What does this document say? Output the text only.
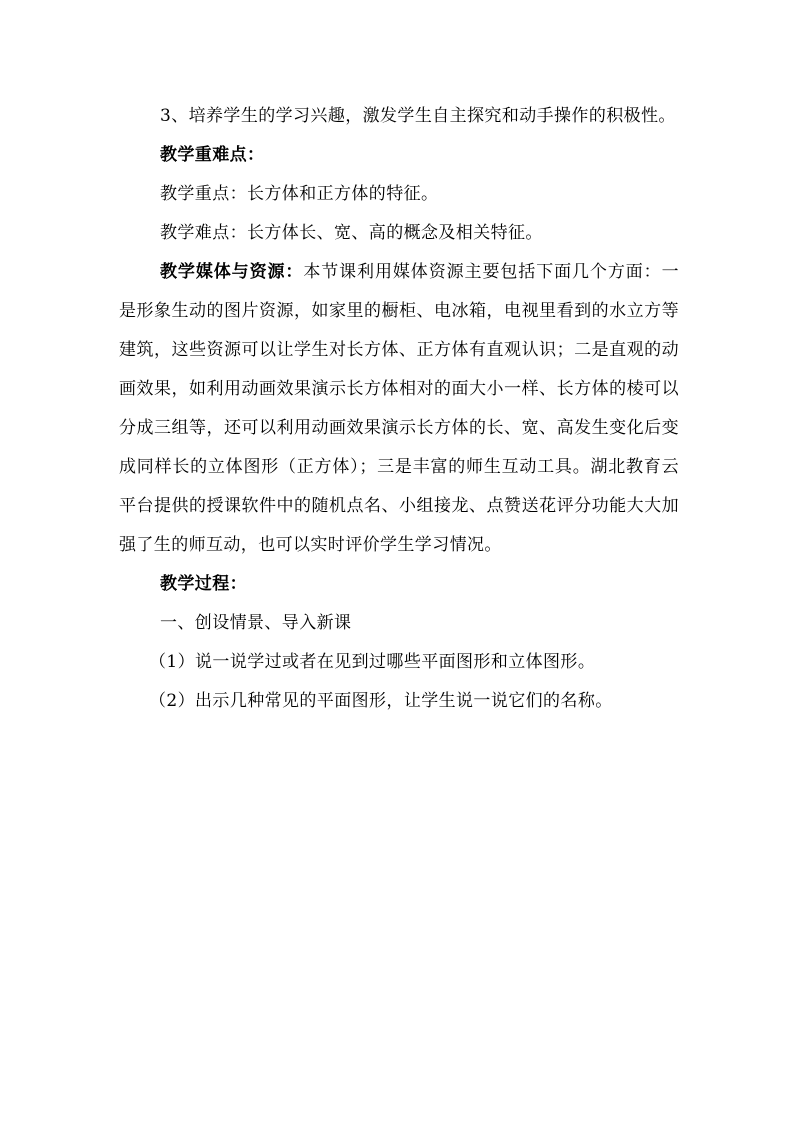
3、培养学生的学习兴趣，激发学生自主探究和动手操作的积极性。

教学重难点：

教学重点：长方体和正方体的特征。

教学难点：长方体长、宽、高的概念及相关特征。

教学媒体与资源：本节课利用媒体资源主要包括下面几个方面：一是形象生动的图片资源，如家里的橱柜、电冰箱，电视里看到的水立方等建筑，这些资源可以让学生对长方体、正方体有直观认识；二是直观的动画效果，如利用动画效果演示长方体相对的面大小一样、长方体的棱可以分成三组等，还可以利用动画效果演示长方体的长、宽、高发生变化后变成同样长的立体图形（正方体）；三是丰富的师生互动工具。湖北教育云平台提供的授课软件中的随机点名、小组接龙、点赞送花评分功能大大加强了生的师互动，也可以实时评价学生学习情况。

教学过程：

一、创设情景、导入新课

（1）说一说学过或者在见到过哪些平面图形和立体图形。

（2）出示几种常见的平面图形，让学生说一说它们的名称。
